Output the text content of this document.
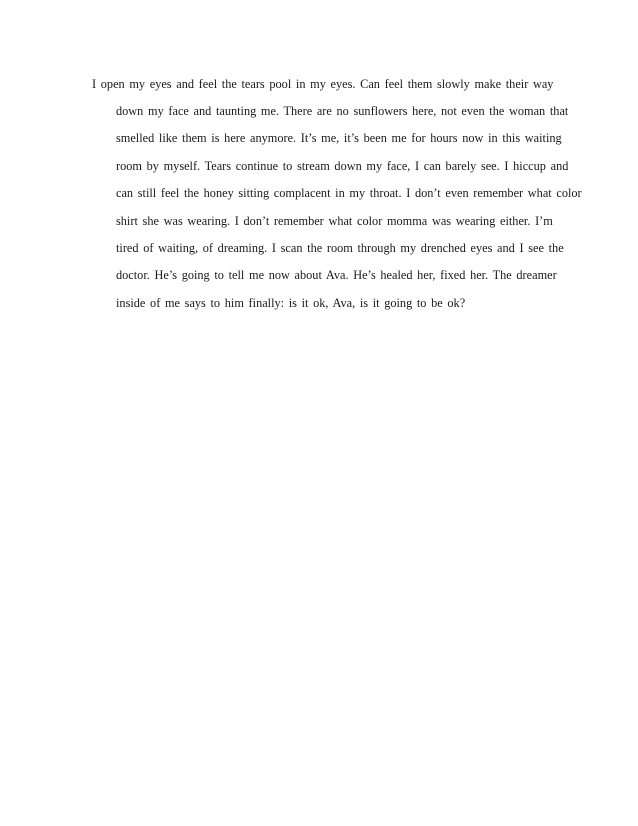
I open my eyes and feel the tears pool in my eyes. Can feel them slowly make their way

down my face and taunting me. There are no sunflowers here, not even the woman that

smelled like them is here anymore. It’s me, it’s been me for hours now in this waiting

room by myself. Tears continue to stream down my face, I can barely see. I hiccup and

can still feel the honey sitting complacent in my throat. I don’t even remember what color

shirt she was wearing. I don’t remember what color momma was wearing either. I’m

tired of waiting, of dreaming. I scan the room through my drenched eyes and I see the

doctor. He’s going to tell me now about Ava. He’s healed her, fixed her. The dreamer

inside of me says to him finally: is it ok, Ava, is it going to be ok?
